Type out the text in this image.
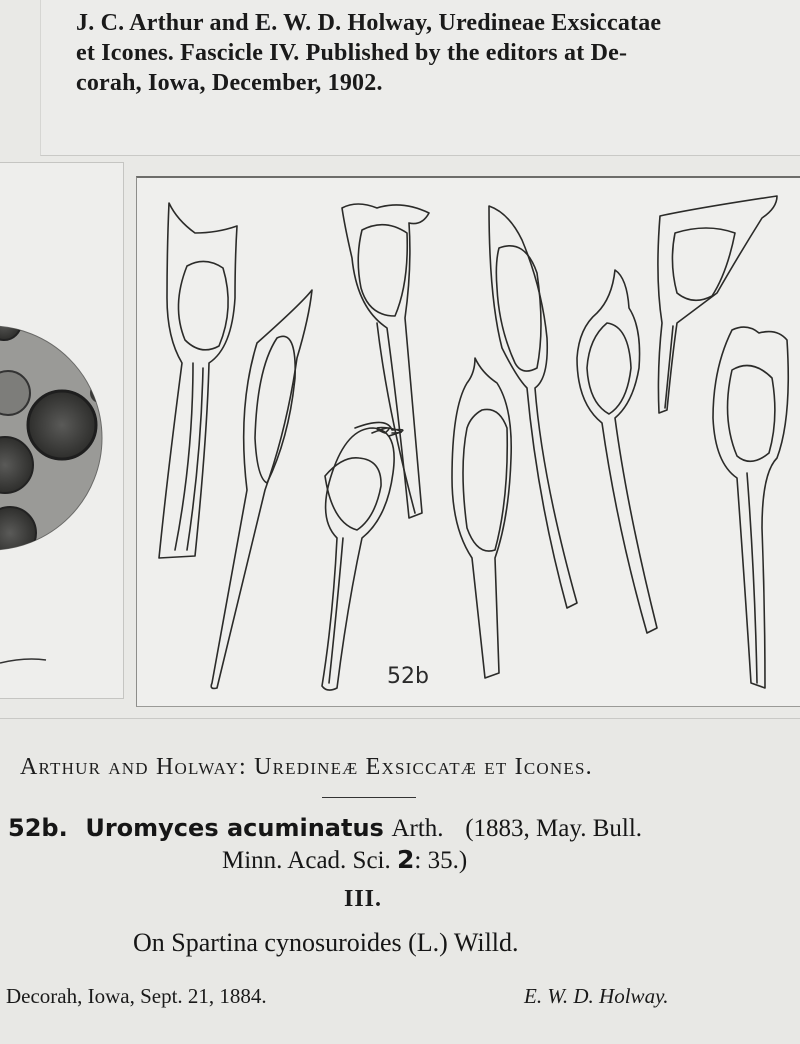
J. C. Arthur and E. W. D. Holway, Uredineae Exsiccatae
et Icones. Fascicle IV. Published by the editors at De-
corah, Iowa, December, 1902.
52b
Arthur and Holway: Uredineæ Exsiccatæ et Icones.
52b. Uromyces acuminatus Arth. (1883, May. Bull.
Minn. Acad. Sci. 2: 35.)
III.
On Spartina cynosuroides (L.) Willd.
Decorah, Iowa, Sept. 21, 1884.	E. W. D. Holway.
